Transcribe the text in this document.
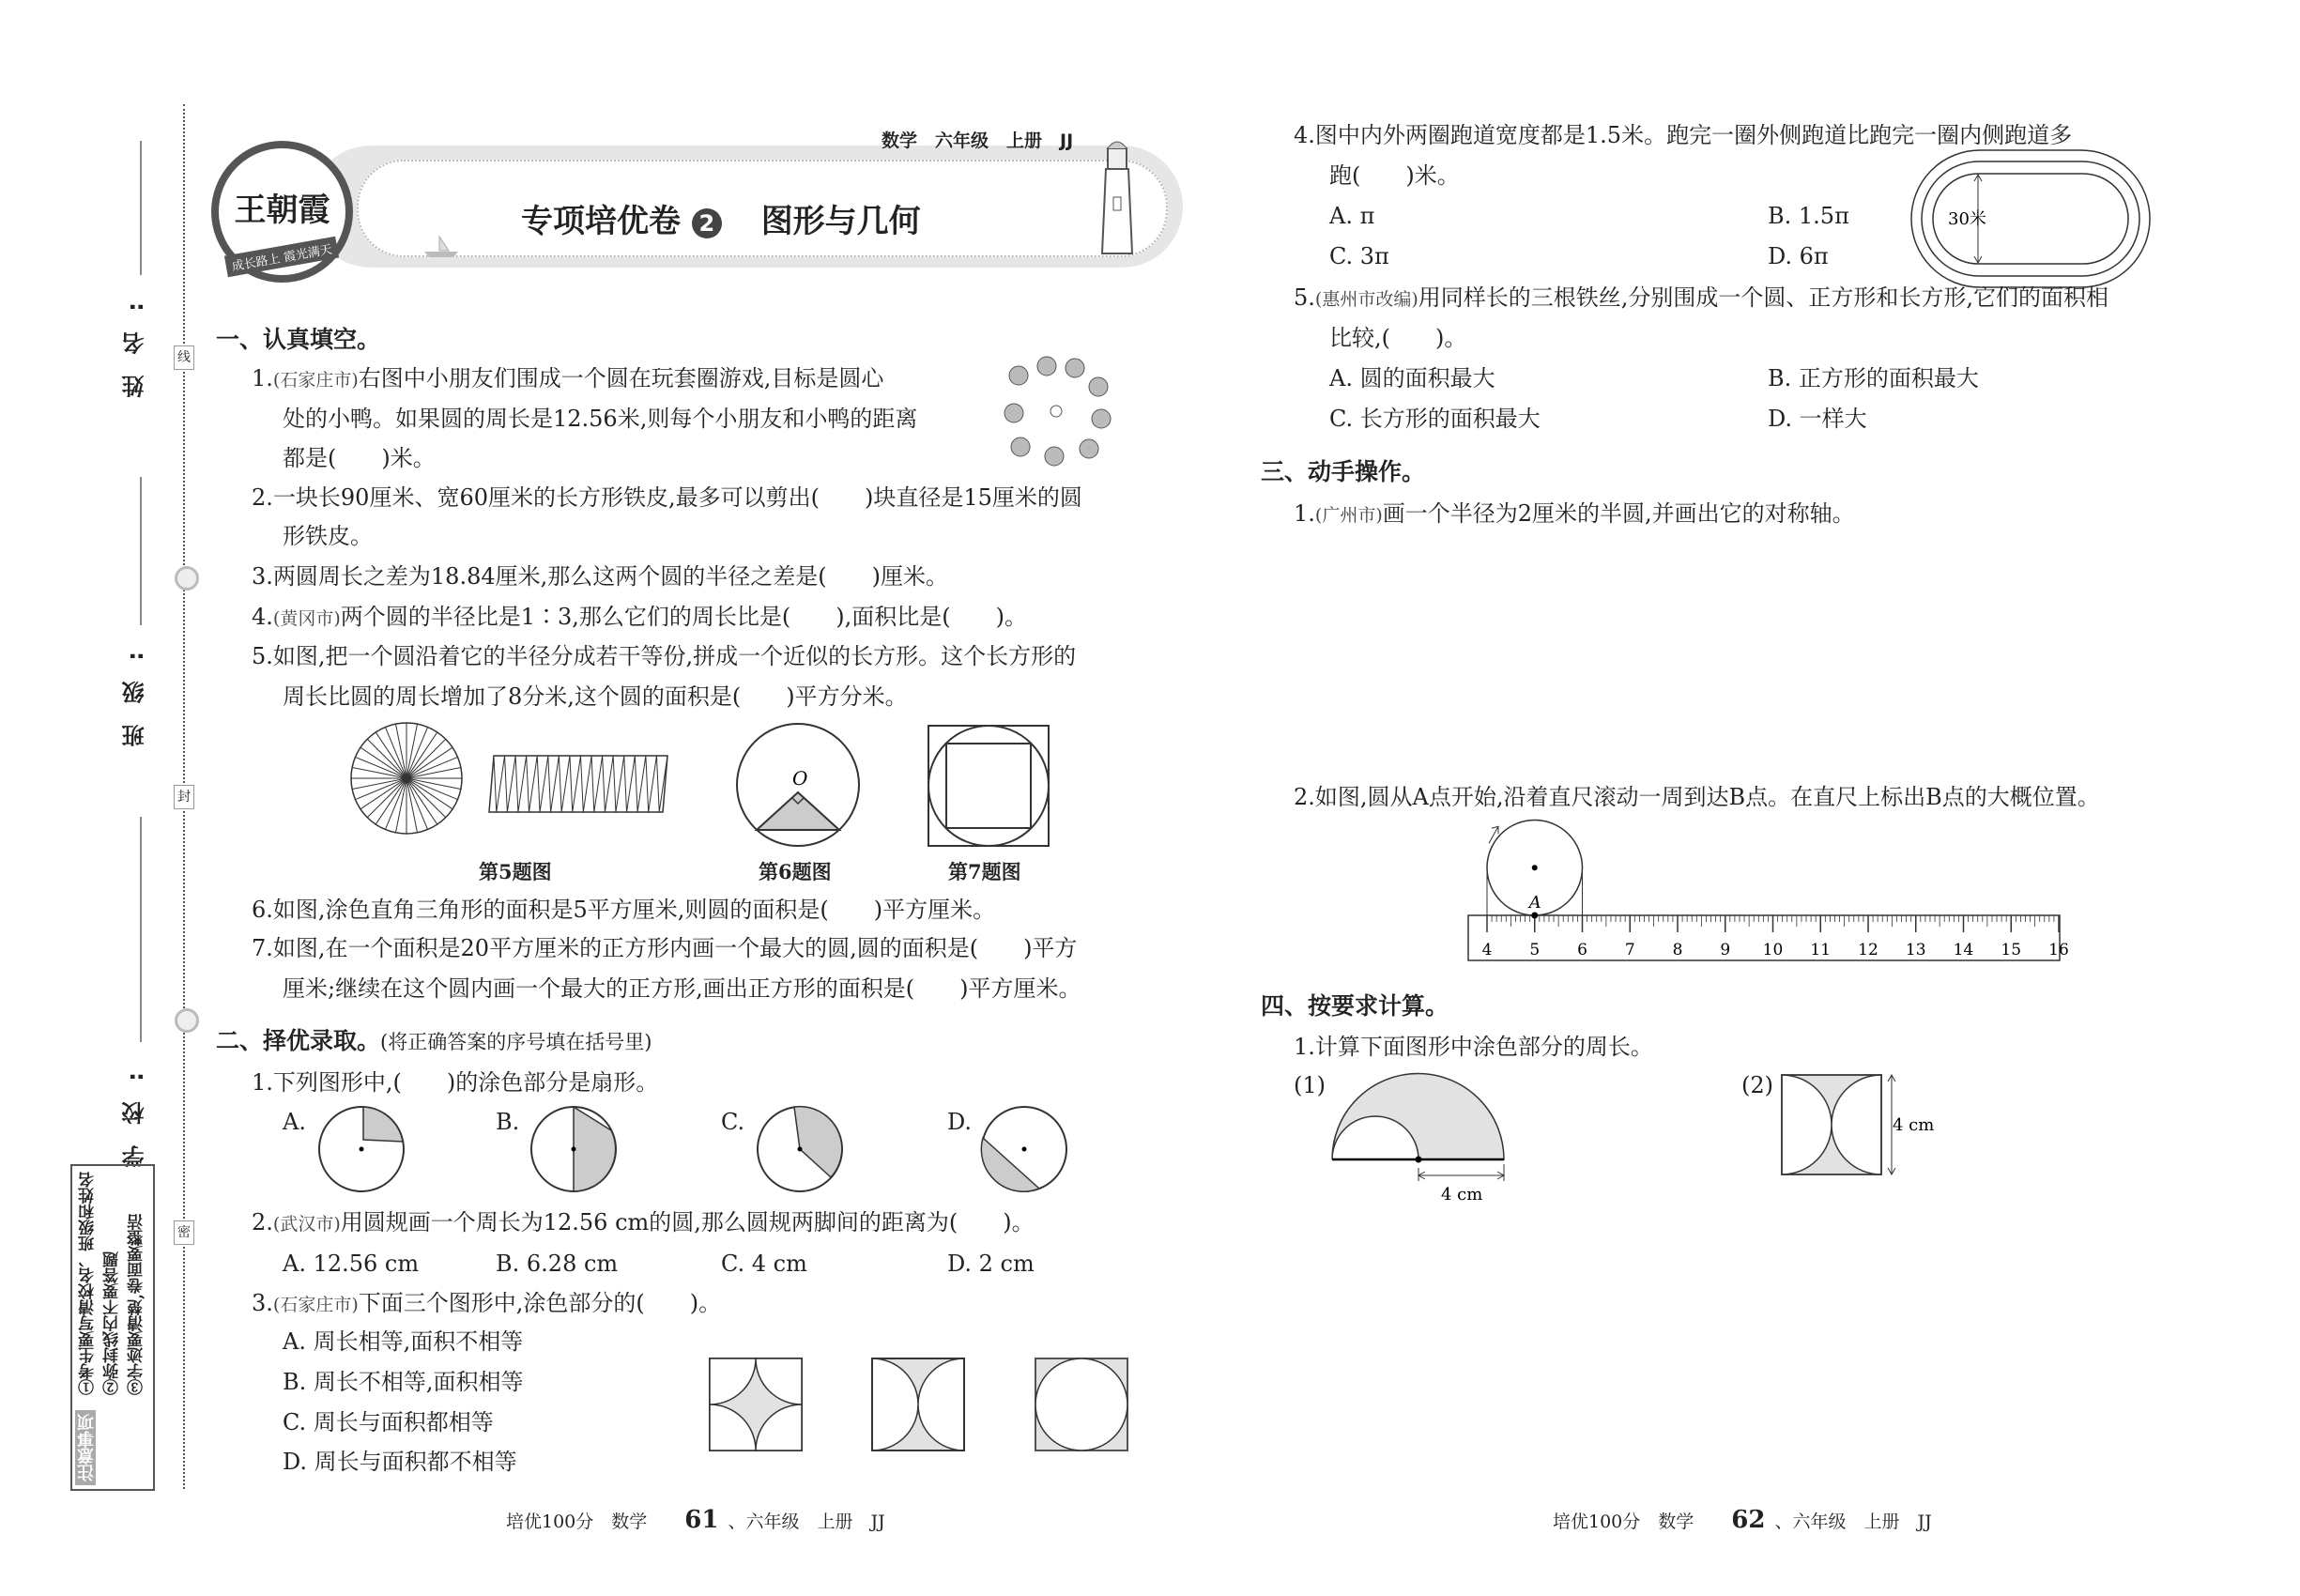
姓名:
班级:
学校:
线
封
密
注意事项
①考生要写清校名、班级和姓名 ②弥封线内不要答题 ③字迹要清楚,卷面要整洁
王朝霞
成长路上 霞光满天
数学　六年级　上册　JJ
专项培优卷 2 图形与几何
一、认真填空。
1.(石家庄市)右图中小朋友们围成一个圆在玩套圈游戏,目标是圆心
处的小鸭。如果圆的周长是12.56米,则每个小朋友和小鸭的距离
都是(　　)米。
2.一块长90厘米、宽60厘米的长方形铁皮,最多可以剪出(　　)块直径是15厘米的圆
形铁皮。
3.两圆周长之差为18.84厘米,那么这两个圆的半径之差是(　　)厘米。
4.(黄冈市)两个圆的半径比是1∶3,那么它们的周长比是(　　),面积比是(　　)。
5.如图,把一个圆沿着它的半径分成若干等份,拼成一个近似的长方形。这个长方形的
周长比圆的周长增加了8分米,这个圆的面积是(　　)平方分米。
O
第5题图	第6题图	第7题图
6.如图,涂色直角三角形的面积是5平方厘米,则圆的面积是(　　)平方厘米。
7.如图,在一个面积是20平方厘米的正方形内画一个最大的圆,圆的面积是(　　)平方
厘米;继续在这个圆内画一个最大的正方形,画出正方形的面积是(　　)平方厘米。
二、择优录取。(将正确答案的序号填在括号里)
1.下列图形中,(　　)的涂色部分是扇形。
A.	B.	C.	D.
2.(武汉市)用圆规画一个周长为12.56 cm的圆,那么圆规两脚间的距离为(　　)。
A. 12.56 cm	B. 6.28 cm	C. 4 cm	D. 2 cm
3.(石家庄市)下面三个图形中,涂色部分的(　　)。
A. 周长相等,面积不相等
B. 周长不相等,面积相等
C. 周长与面积都相等
D. 周长与面积都不相等
4.图中内外两圈跑道宽度都是1.5米。跑完一圈外侧跑道比跑完一圈内侧跑道多
跑(　　)米。
A. π	B. 1.5π
C. 3π	D. 6π
30米
5.(惠州市改编)用同样长的三根铁丝,分别围成一个圆、正方形和长方形,它们的面积相
比较,(　　)。
A. 圆的面积最大	B. 正方形的面积最大
C. 长方形的面积最大	D. 一样大
三、动手操作。
1.(广州市)画一个半径为2厘米的半圆,并画出它的对称轴。
2.如图,圆从A点开始,沿着直尺滚动一周到达B点。在直尺上标出B点的大概位置。
4 5 6 7 8 9 10 11 12 13 14 15 16
A
四、按要求计算。
1.计算下面图形中涂色部分的周长。
(1)
4 cm
(2)
4 cm
培优100分　数学 61 、六年级　上册　JJ	培优100分　数学 62 、六年级　上册　JJ
